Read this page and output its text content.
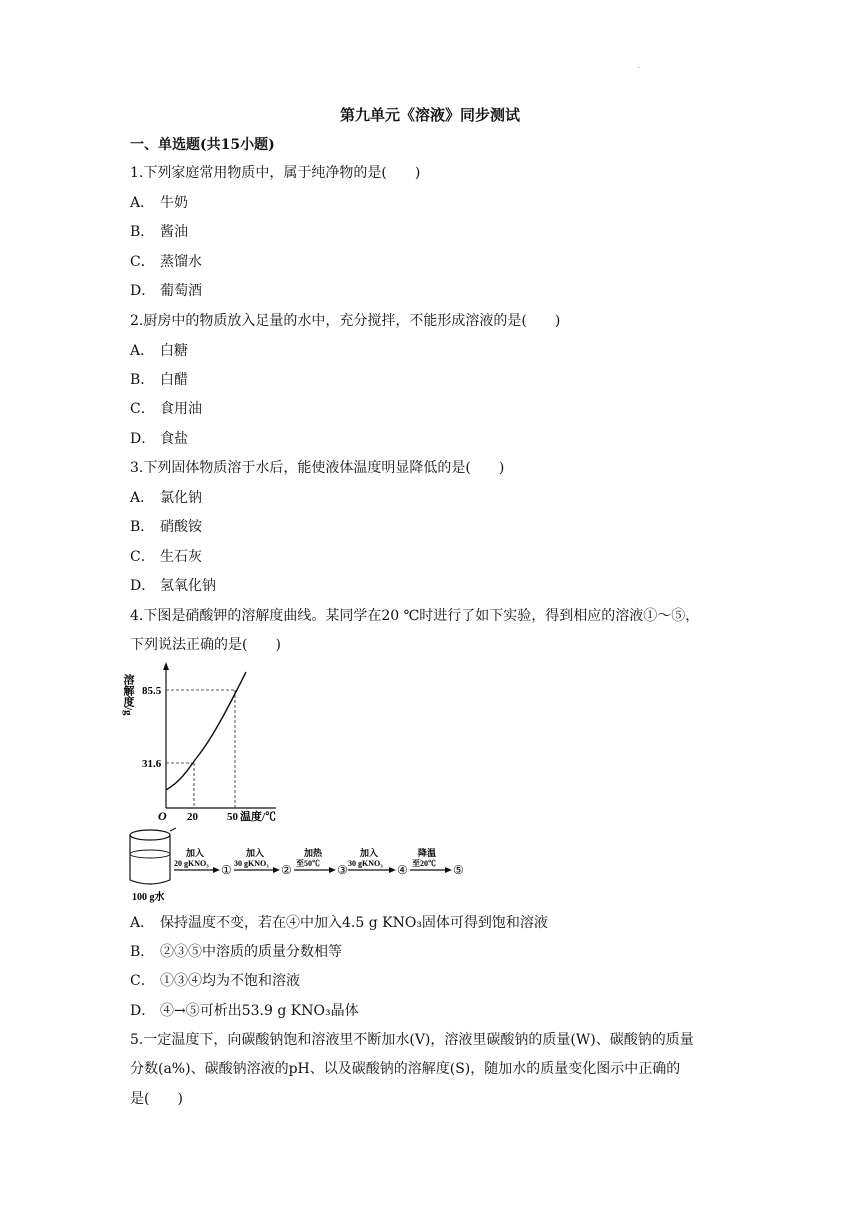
.
第九单元《溶液》同步测试
一、单选题(共15小题)
1.下列家庭常用物质中，属于纯净物的是(　　)
A． 牛奶
B． 酱油
C． 蒸馏水
D． 葡萄酒
2.厨房中的物质放入足量的水中，充分搅拌，不能形成溶液的是(　　)
A． 白糖
B． 白醋
C． 食用油
D． 食盐
3.下列固体物质溶于水后，能使液体温度明显降低的是(　　)
A． 氯化钠
B． 硝酸铵
C． 生石灰
D． 氢氧化钠
4.下图是硝酸钾的溶解度曲线。某同学在20 ℃时进行了如下实验，得到相应的溶液①～⑤，
下列说法正确的是(　　)
溶解度/g 85.5
31.6
O 20	50 温度/℃
100 g水
加入
20 gKNO₃ ①
加入
30 gKNO₃ ②
加热
至50℃ ③
加入
30 gKNO₃ ④
降温
至20℃ ⑤
A． 保持温度不变，若在④中加入4.5 g KNO₃固体可得到饱和溶液
B． ②③⑤中溶质的质量分数相等
C． ①③④均为不饱和溶液
D． ④→⑤可析出53.9 g KNO₃晶体
5.一定温度下，向碳酸钠饱和溶液里不断加水(V)，溶液里碳酸钠的质量(W)、碳酸钠的质量
分数(a%)、碳酸钠溶液的pH、以及碳酸钠的溶解度(S)，随加水的质量变化图示中正确的
是(　　)
